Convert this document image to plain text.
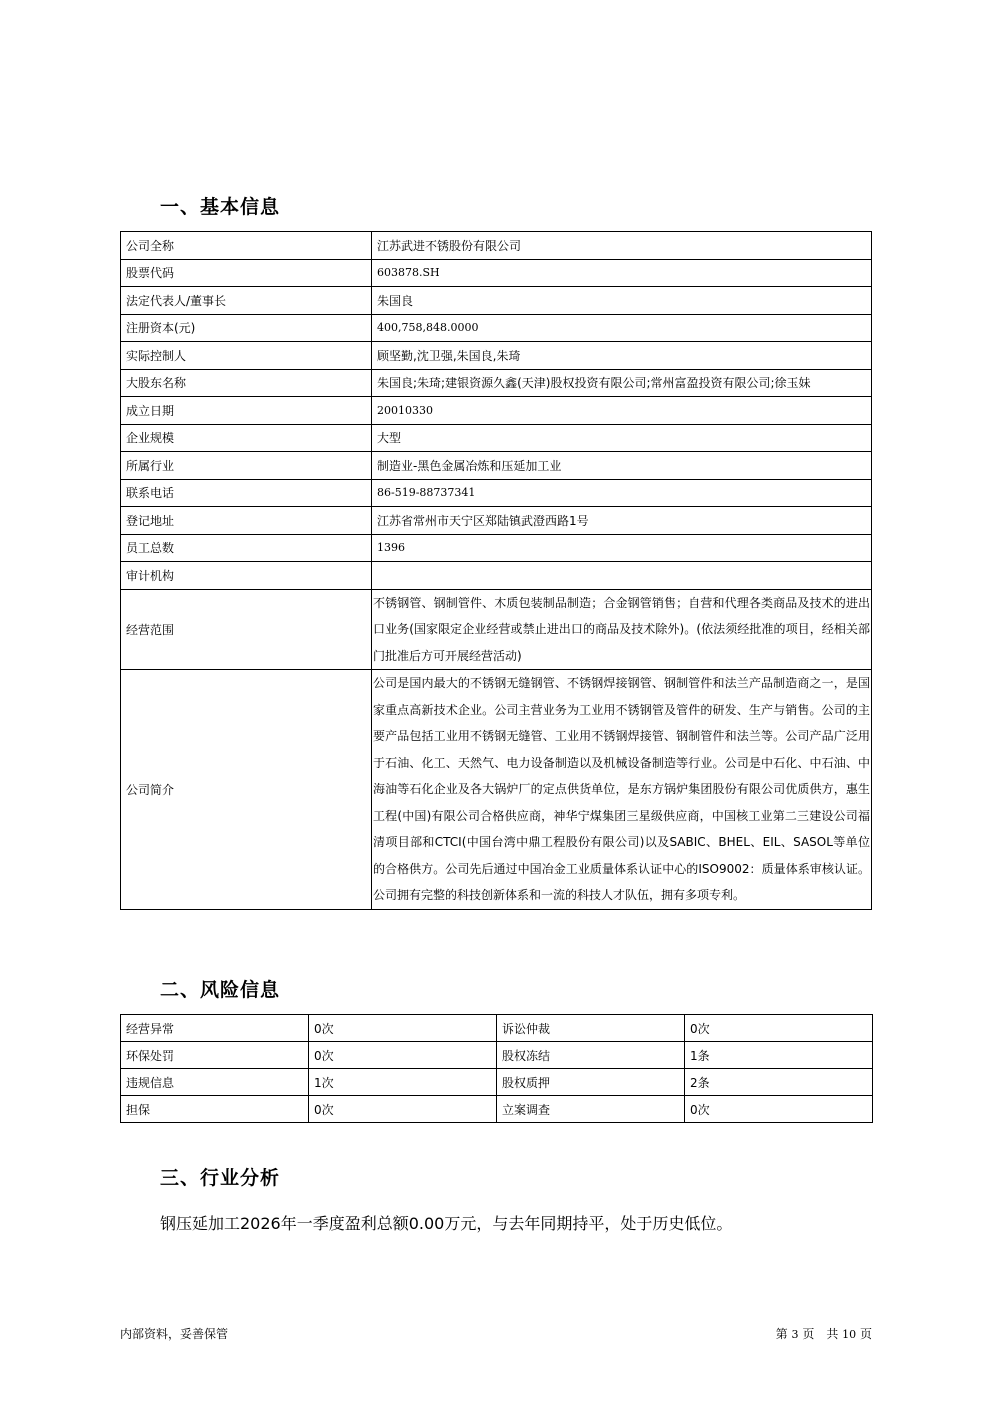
一、基本信息
公司全称	江苏武进不锈股份有限公司
股票代码	603878.SH
法定代表人/董事长	朱国良
注册资本(元)	400,758,848.0000
实际控制人	顾坚勤,沈卫强,朱国良,朱琦
大股东名称	朱国良;朱琦;建银资源久鑫(天津)股权投资有限公司;常州富盈投资有限公司;徐玉妹
成立日期	20010330
企业规模	大型
所属行业	制造业-黑色金属冶炼和压延加工业
联系电话	86-519-88737341
登记地址	江苏省常州市天宁区郑陆镇武澄西路1号
员工总数	1396
审计机构	
经营范围	不锈钢管、钢制管件、木质包装制品制造；合金钢管销售；自营和代理各类商品及技术的进出口业务(国家限定企业经营或禁止进出口的商品及技术除外)。(依法须经批准的项目，经相关部门批准后方可开展经营活动)
公司简介	公司是国内最大的不锈钢无缝钢管、不锈钢焊接钢管、钢制管件和法兰产品制造商之一，是国家重点高新技术企业。公司主营业务为工业用不锈钢管及管件的研发、生产与销售。公司的主要产品包括工业用不锈钢无缝管、工业用不锈钢焊接管、钢制管件和法兰等。公司产品广泛用于石油、化工、天然气、电力设备制造以及机械设备制造等行业。公司是中石化、中石油、中海油等石化企业及各大锅炉厂的定点供货单位，是东方锅炉集团股份有限公司优质供方，惠生工程(中国)有限公司合格供应商，神华宁煤集团三星级供应商，中国核工业第二三建设公司福清项目部和CTCI(中国台湾中鼎工程股份有限公司)以及SABIC、BHEL、EIL、SASOL等单位的合格供方。公司先后通过中国冶金工业质量体系认证中心的ISO9002：质量体系审核认证。公司拥有完整的科技创新体系和一流的科技人才队伍，拥有多项专利。
二、风险信息
经营异常	0次	诉讼仲裁	0次
环保处罚	0次	股权冻结	1条
违规信息	1次	股权质押	2条
担保	0次	立案调查	0次
三、行业分析
钢压延加工2026年一季度盈利总额0.00万元，与去年同期持平，处于历史低位。
内部资料，妥善保管	第 3 页　共 10 页
